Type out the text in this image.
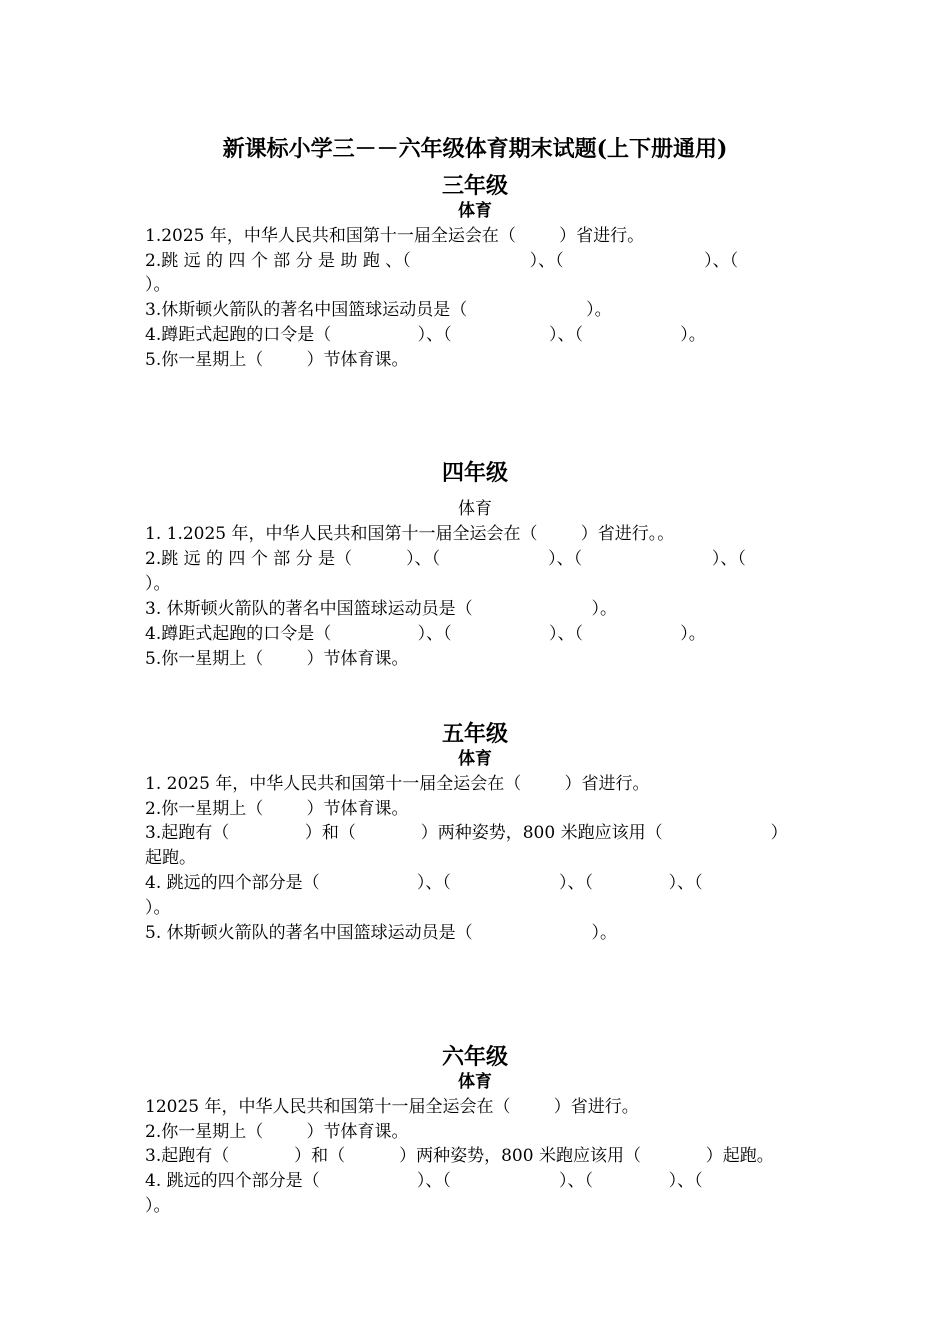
新课标小学三－－六年级体育期末试题(上下册通用)
三年级
体育
1.2025 年，中华人民共和国第十一届全运会在（        ）省进行。
2.跳 远 的 四 个 部 分 是 助 跑 、（                      ）、（                          ）、（
）。
3.休斯顿火箭队的著名中国篮球运动员是（                      ）。
4.蹲距式起跑的口令是（                ）、（                  ）、（                  ）。
5.你一星期上（        ）节体育课。
四年级
体育
1. 1.2025 年，中华人民共和国第十一届全运会在（        ）省进行。。
2.跳 远 的 四 个 部 分 是（          ）、（                    ）、（                        ）、（
）。
3. 休斯顿火箭队的著名中国篮球运动员是（                      ）。
4.蹲距式起跑的口令是（                ）、（                  ）、（                  ）。
5.你一星期上（        ）节体育课。
五年级
体育
1. 2025 年，中华人民共和国第十一届全运会在（        ）省进行。
2.你一星期上（        ）节体育课。
3.起跑有（              ）和（            ）两种姿势，800 米跑应该用（                    ）
起跑。
4. 跳远的四个部分是（                  ）、（                    ）、（              ）、（
）。
5. 休斯顿火箭队的著名中国篮球运动员是（                      ）。
六年级
体育
12025 年，中华人民共和国第十一届全运会在（        ）省进行。
2.你一星期上（        ）节体育课。
3.起跑有（            ）和（          ）两种姿势，800 米跑应该用（            ）起跑。
4. 跳远的四个部分是（                  ）、（                    ）、（              ）、（
）。
